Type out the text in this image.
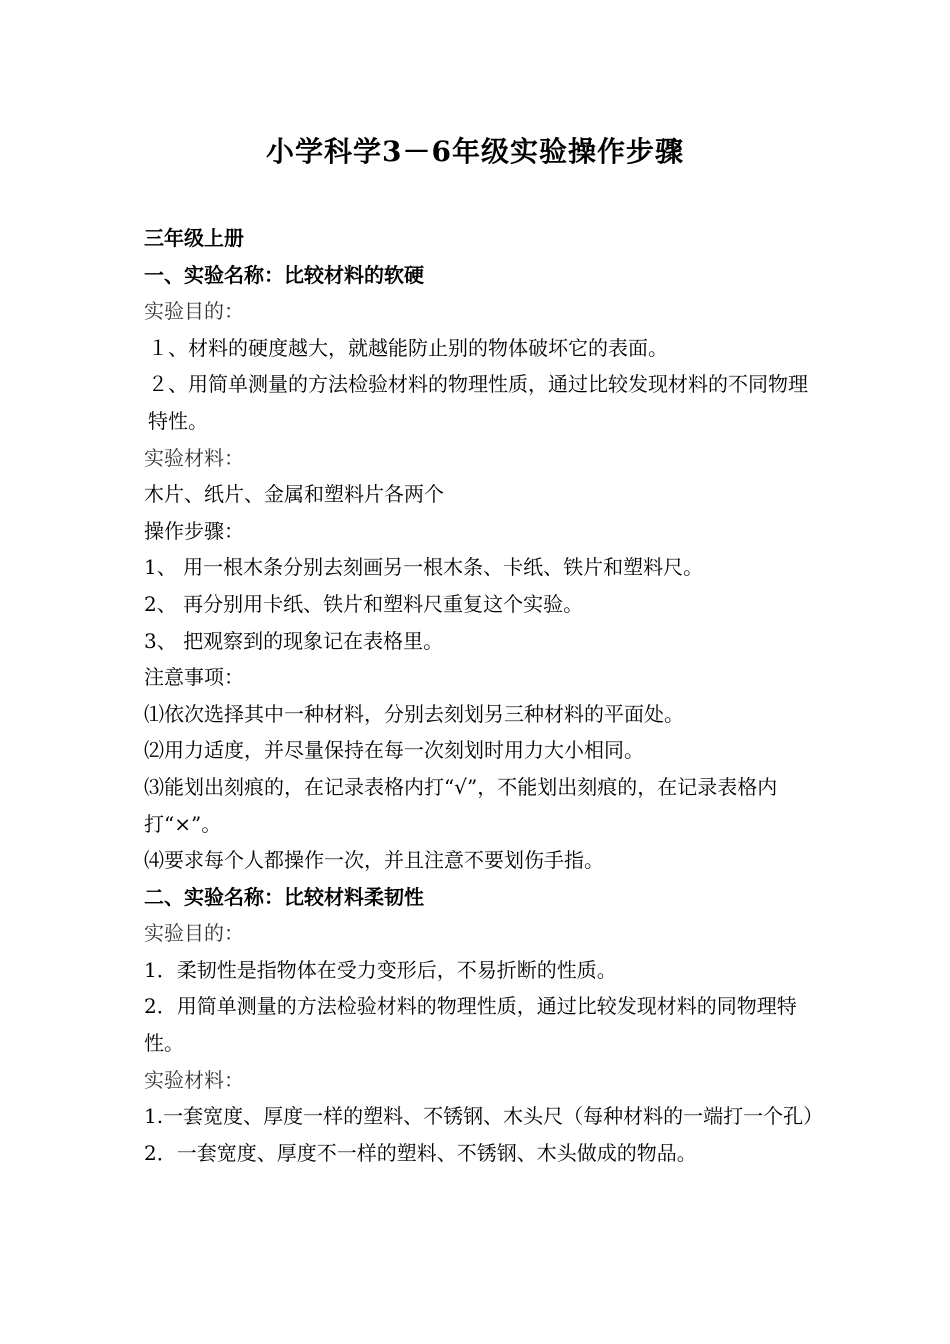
小学科学3－6年级实验操作步骤

三年级上册

一、实验名称：比较材料的软硬

实验目的：

１、材料的硬度越大，就越能防止别的物体破坏它的表面。

２、用简单测量的方法检验材料的物理性质，通过比较发现材料的不同物理特性。

实验材料：

木片、纸片、金属和塑料片各两个

操作步骤：

1、 用一根木条分别去刻画另一根木条、卡纸、铁片和塑料尺。

2、 再分别用卡纸、铁片和塑料尺重复这个实验。

3、 把观察到的现象记在表格里。

注意事项：

⑴依次选择其中一种材料，分别去刻划另三种材料的平面处。

⑵用力适度，并尽量保持在每一次刻划时用力大小相同。

⑶能划出刻痕的，在记录表格内打“√”，不能划出刻痕的，在记录表格内打“×”。

⑷要求每个人都操作一次，并且注意不要划伤手指。

二、实验名称：比较材料柔韧性

实验目的：

1．柔韧性是指物体在受力变形后，不易折断的性质。

2．用简单测量的方法检验材料的物理性质，通过比较发现材料的同物理特性。

实验材料：

1.一套宽度、厚度一样的塑料、不锈钢、木头尺（每种材料的一端打一个孔）

2．一套宽度、厚度不一样的塑料、不锈钢、木头做成的物品。
